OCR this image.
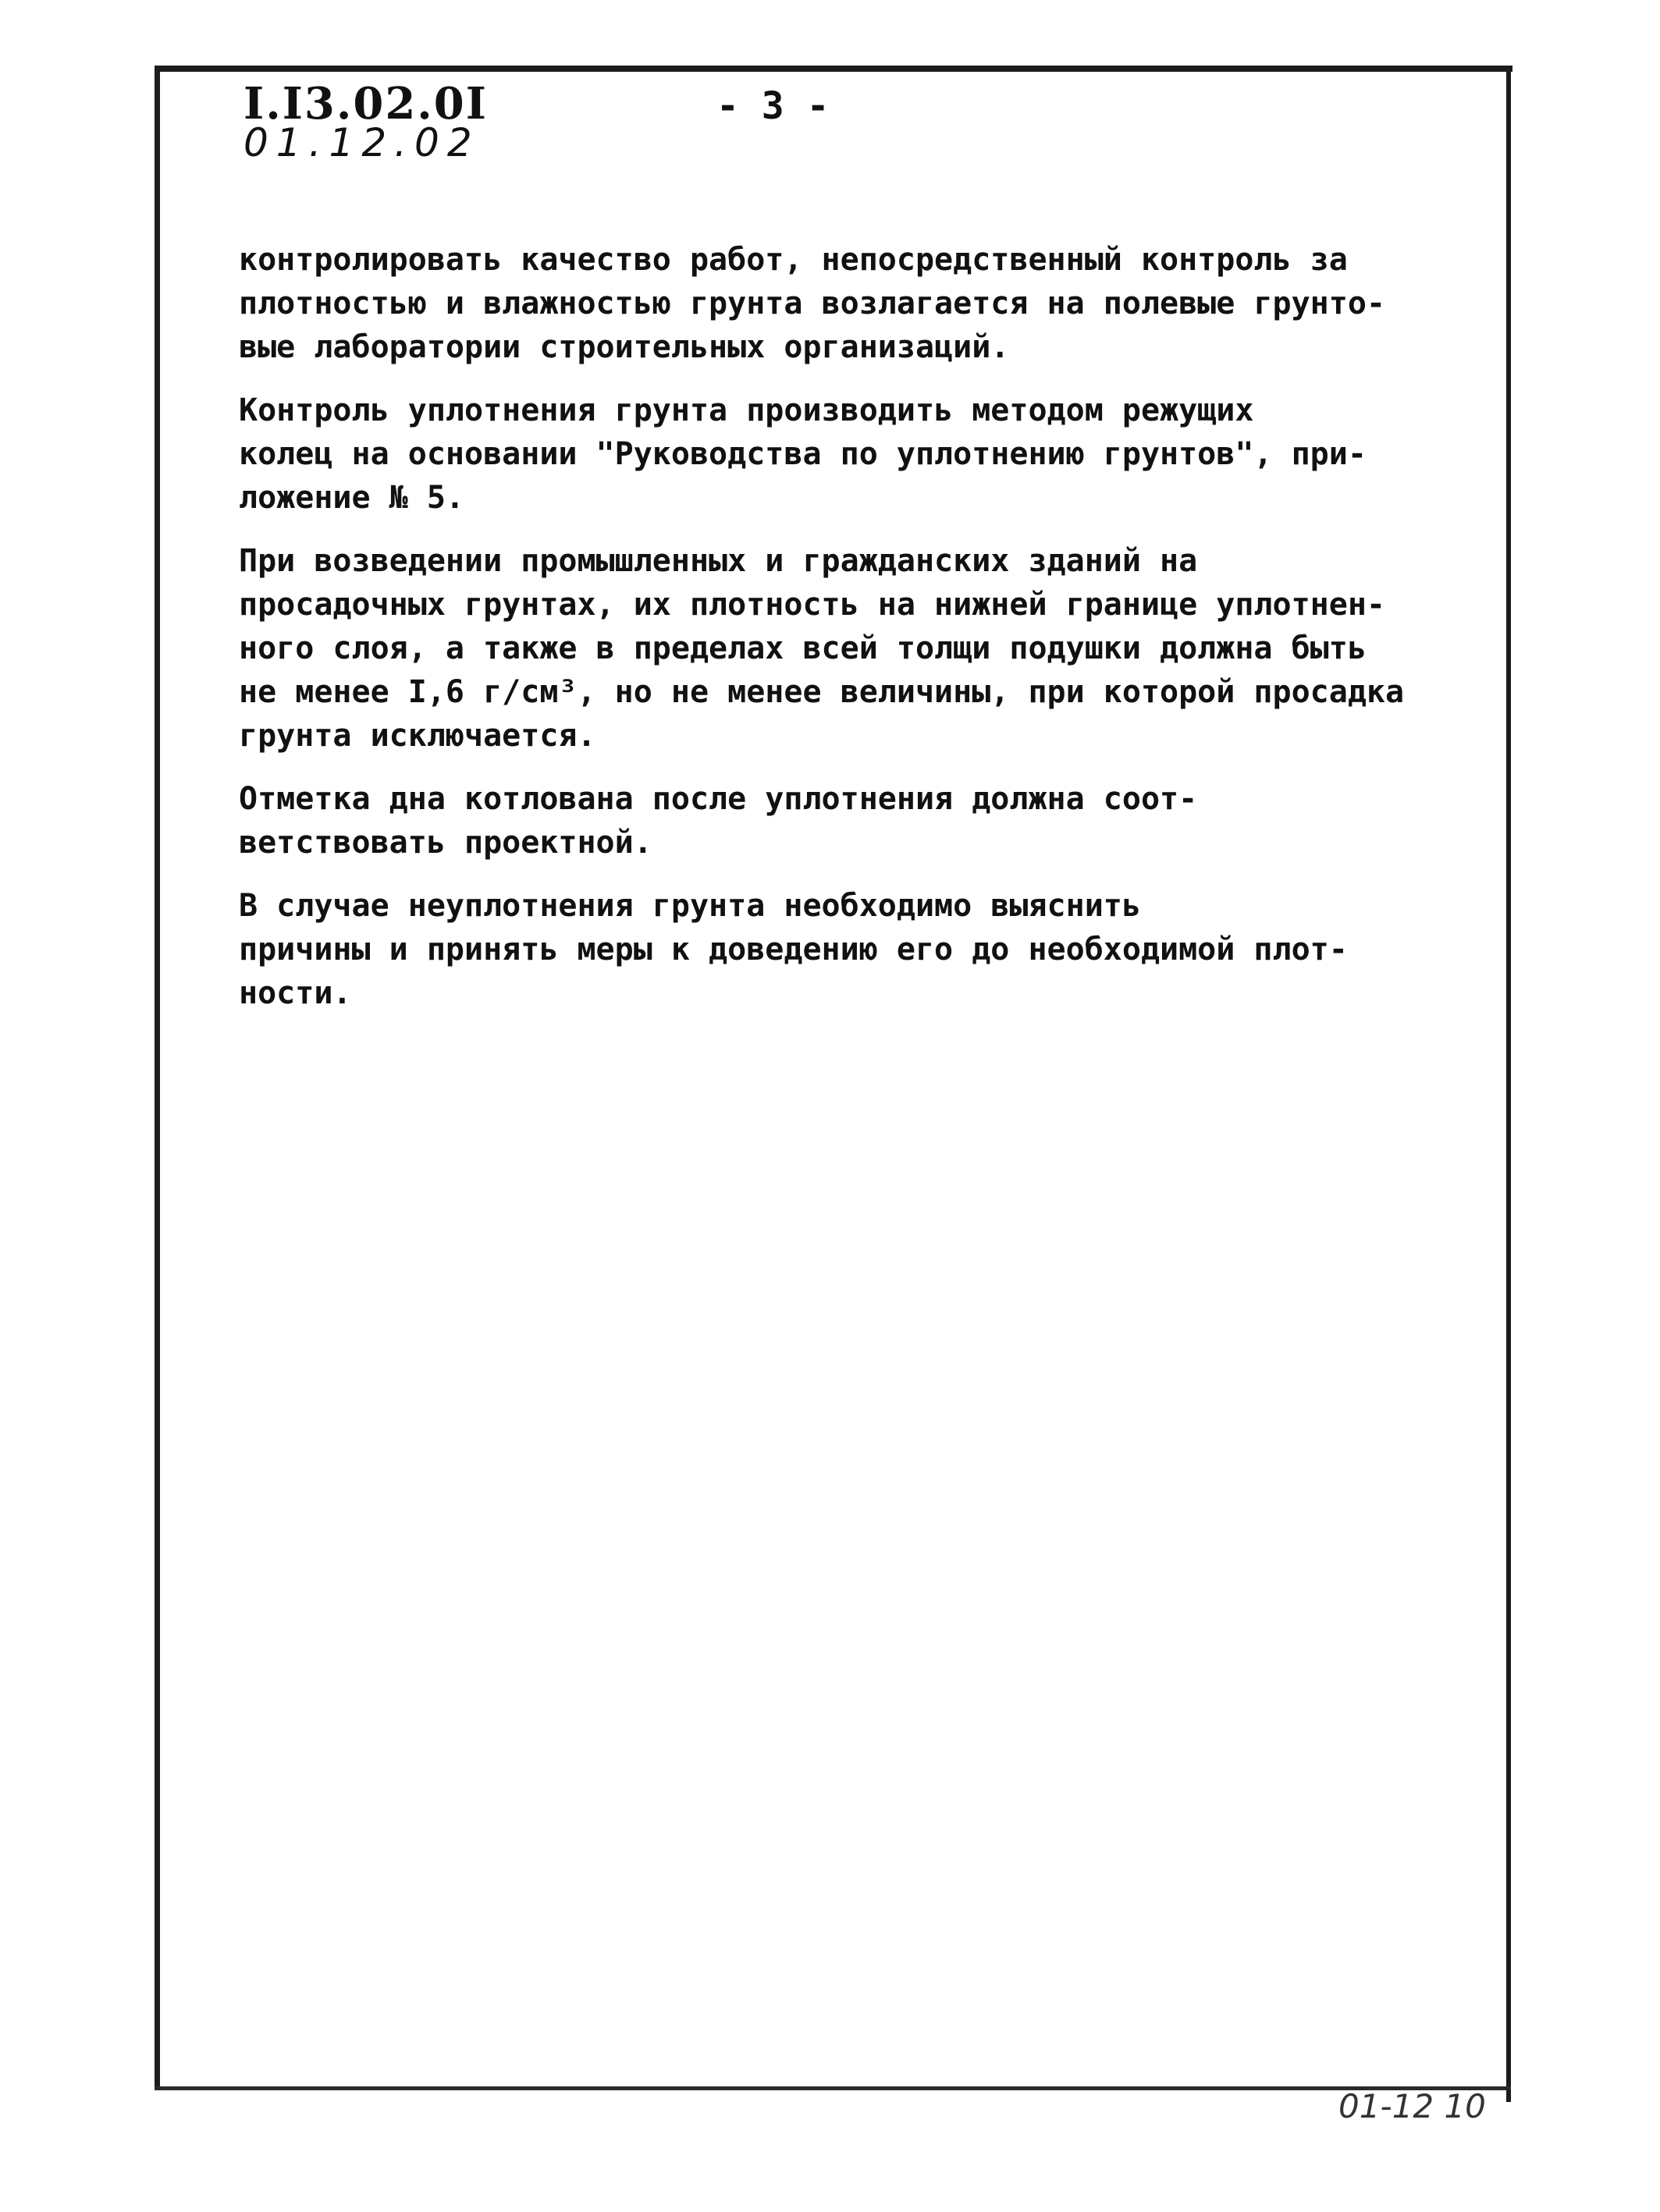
I.I3.02.0I
01.12.02
- 3 -

контролировать качество работ, непосредственный контроль за
плотностью и влажностью грунта возлагается на полевые грунто-
вые лаборатории строительных организаций.

Контроль уплотнения грунта производить методом режущих
колец на основании "Руководства по уплотнению грунтов", при-
ложение № 5.

При возведении промышленных и гражданских зданий на
просадочных грунтах, их плотность на нижней границе уплотнен-
ного слоя, а также в пределах всей толщи подушки должна быть
не менее I,6 г/см³, но не менее величины, при которой просадка
грунта исключается.

Отметка дна котлована после уплотнения должна соот-
ветствовать проектной.

В случае неуплотнения грунта необходимо выяснить
причины и принять меры к доведению его до необходимой плот-
ности.

01-12 10
